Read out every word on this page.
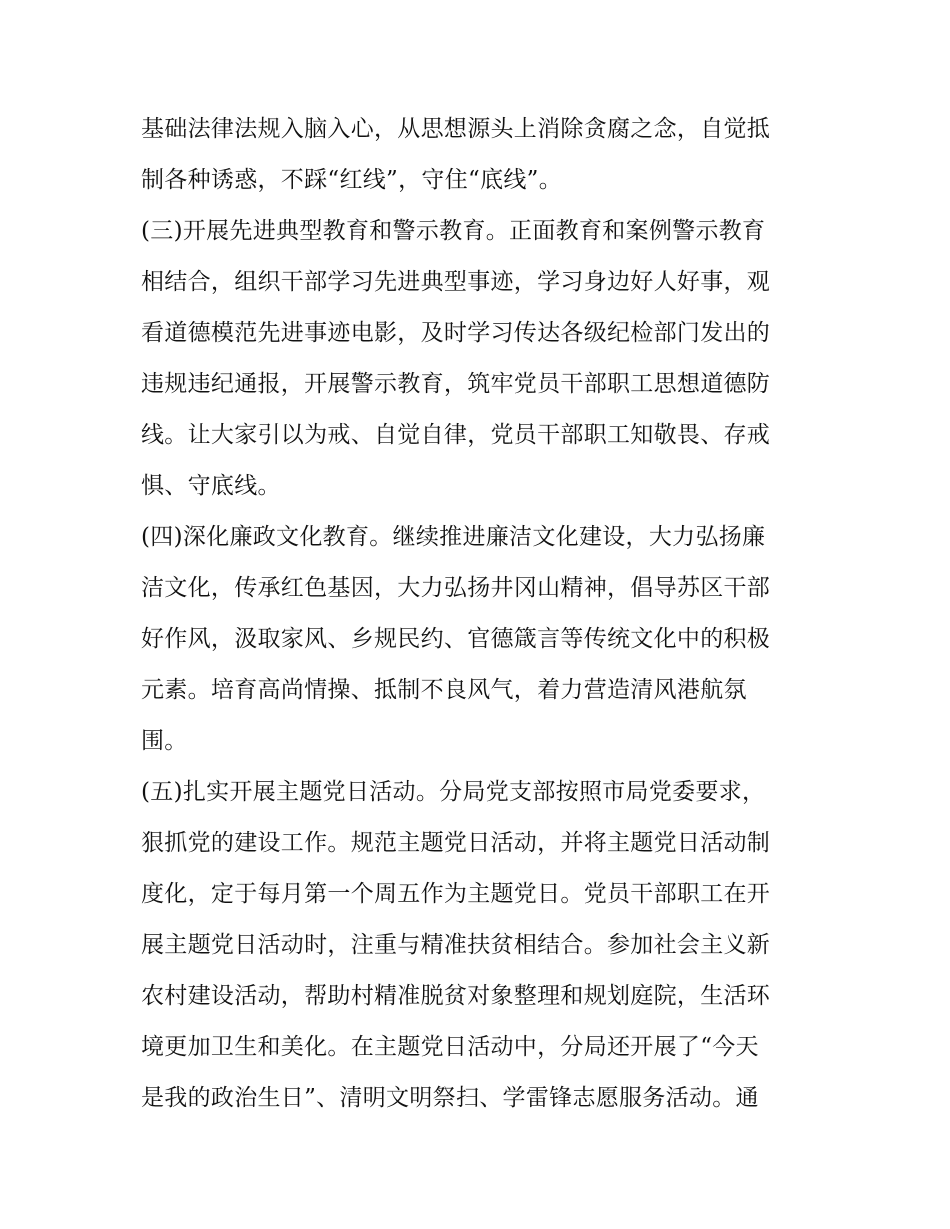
基础法律法规入脑入心，从思想源头上消除贪腐之念，自觉抵
制各种诱惑，不踩“红线”，守住“底线”。
(三)开展先进典型教育和警示教育。正面教育和案例警示教育
相结合，组织干部学习先进典型事迹，学习身边好人好事，观
看道德模范先进事迹电影，及时学习传达各级纪检部门发出的
违规违纪通报，开展警示教育，筑牢党员干部职工思想道德防
线。让大家引以为戒、自觉自律，党员干部职工知敬畏、存戒
惧、守底线。
(四)深化廉政文化教育。继续推进廉洁文化建设，大力弘扬廉
洁文化，传承红色基因，大力弘扬井冈山精神，倡导苏区干部
好作风，汲取家风、乡规民约、官德箴言等传统文化中的积极
元素。培育高尚情操、抵制不良风气，着力营造清风港航氛
围。
(五)扎实开展主题党日活动。分局党支部按照市局党委要求，
狠抓党的建设工作。规范主题党日活动，并将主题党日活动制
度化，定于每月第一个周五作为主题党日。党员干部职工在开
展主题党日活动时，注重与精准扶贫相结合。参加社会主义新
农村建设活动，帮助村精准脱贫对象整理和规划庭院，生活环
境更加卫生和美化。在主题党日活动中，分局还开展了“今天
是我的政治生日”、清明文明祭扫、学雷锋志愿服务活动。通
